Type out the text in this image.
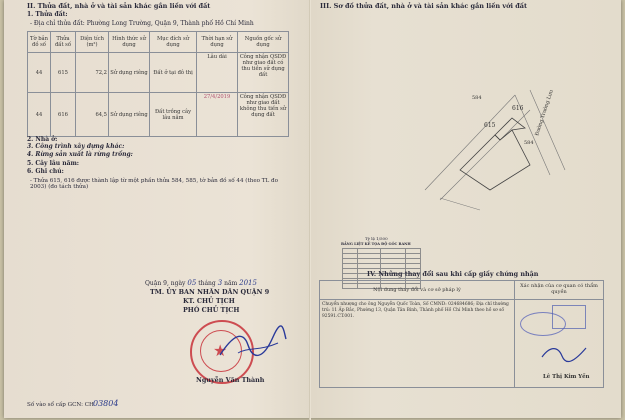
II. Thửa đất, nhà ở và tài sản khác gắn liền với đất
1. Thửa đất:
- Địa chỉ thửa đất: Phường Long Trường, Quận 9, Thành phố Hồ Chí Minh
Tờ bản đồ số	Thửa đất số	Diện tích (m²)	Hình thức sử dụng	Mục đích sử dụng	Thời hạn sử dụng	Nguồn gốc sử dụng
44	615	72,2	Sử dụng riêng	Đất ở tại đô thị	Lâu dài	Công nhận QSDĐ như giao đất có thu tiền sử dụng đất
44	616	64,5	Sử dụng riêng	Đất trồng cây lâu năm	27/4/2019	Công nhận QSDĐ như giao đất không thu tiền sử dụng đất
2. Nhà ở:
3. Công trình xây dựng khác:
4. Rừng sản xuất là rừng trồng:
5. Cây lâu năm:
6. Ghi chú:
- Thửa 615, 616 được thành lập từ một phần thửa 584, 585, tờ bản đồ số 44 (theo TL đo 2003) (đo tách thửa)
Quận 9, ngày 05 tháng 3 năm 2015
TM. ỦY BAN NHÂN DÂN QUẬN 9
KT. CHỦ TỊCH
PHÓ CHỦ TỊCH
★
Nguyễn Văn Thành
Số vào sổ cấp GCN: CH 03804
III. Sơ đồ thửa đất, nhà ở và tài sản khác gắn liền với đất
584
616
615
584
Đường Trường Lưu
Tỷ lệ 1/500
BẢNG LIỆT KÊ TỌA ĐỘ GÓC RANH

IV. Những thay đổi sau khi cấp giấy chứng nhận
Nội dung thay đổi và cơ sở pháp lý	Xác nhận của cơ quan có thẩm quyền
Chuyển nhượng cho ông Nguyễn Quốc Toàn, Số CMND: 024684686; Địa chỉ thường trú: 11 Ấp Bắc, Phường 13, Quận Tân Bình, Thành phố Hồ Chí Minh theo hồ sơ số 92591.CT.001.	Lê Thị Kim Yến
